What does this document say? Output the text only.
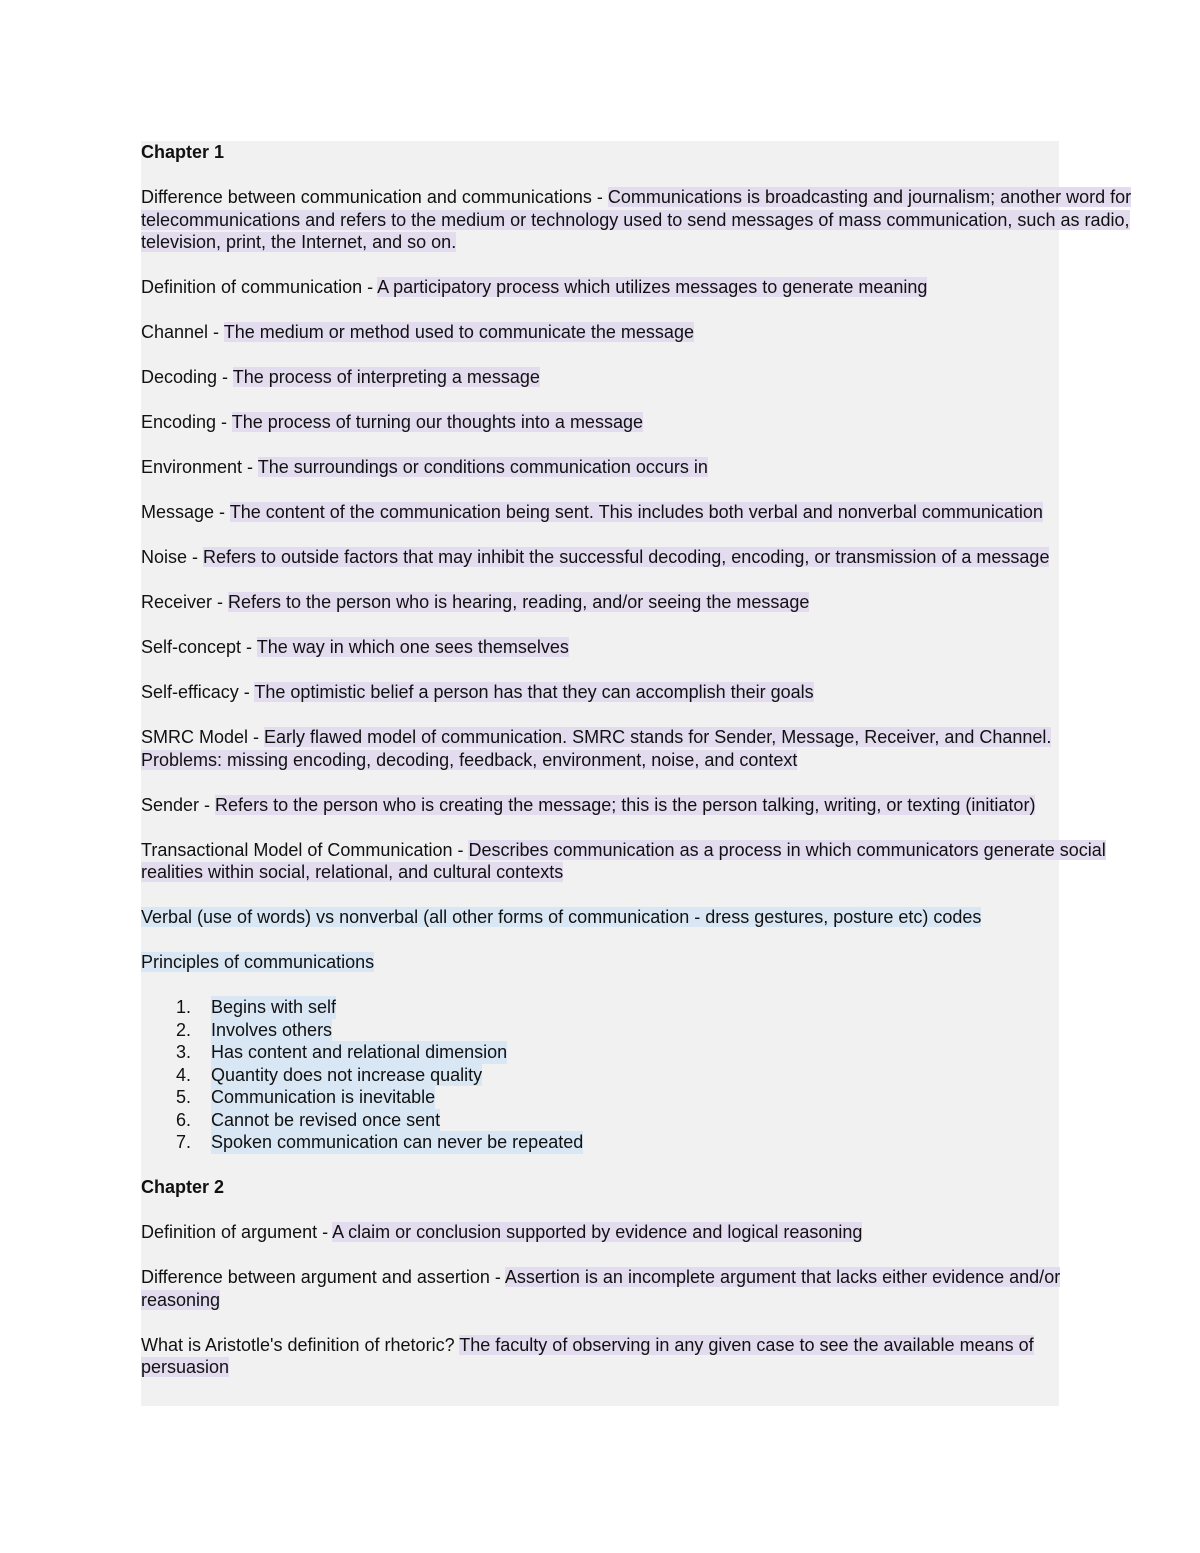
Chapter 1
Difference between communication and communications - Communications is broadcasting and journalism; another word for telecommunications and refers to the medium or technology used to send messages of mass communication, such as radio, television, print, the Internet, and so on.
Definition of communication - A participatory process which utilizes messages to generate meaning
Channel - The medium or method used to communicate the message
Decoding - The process of interpreting a message
Encoding - The process of turning our thoughts into a message
Environment - The surroundings or conditions communication occurs in
Message - The content of the communication being sent. This includes both verbal and nonverbal communication
Noise - Refers to outside factors that may inhibit the successful decoding, encoding, or transmission of a message
Receiver - Refers to the person who is hearing, reading, and/or seeing the message
Self-concept - The way in which one sees themselves
Self-efficacy - The optimistic belief a person has that they can accomplish their goals
SMRC Model - Early flawed model of communication. SMRC stands for Sender, Message, Receiver, and Channel. Problems: missing encoding, decoding, feedback, environment, noise, and context
Sender - Refers to the person who is creating the message; this is the person talking, writing, or texting (initiator)
Transactional Model of Communication - Describes communication as a process in which communicators generate social realities within social, relational, and cultural contexts
Verbal (use of words) vs nonverbal (all other forms of communication - dress gestures, posture etc) codes
Principles of communications
1.	Begins with self
2.	Involves others
3.	Has content and relational dimension
4.	Quantity does not increase quality
5.	Communication is inevitable
6.	Cannot be revised once sent
7.	Spoken communication can never be repeated
Chapter 2
Definition of argument - A claim or conclusion supported by evidence and logical reasoning
Difference between argument and assertion - Assertion is an incomplete argument that lacks either evidence and/or reasoning
What is Aristotle's definition of rhetoric? The faculty of observing in any given case to see the available means of persuasion
